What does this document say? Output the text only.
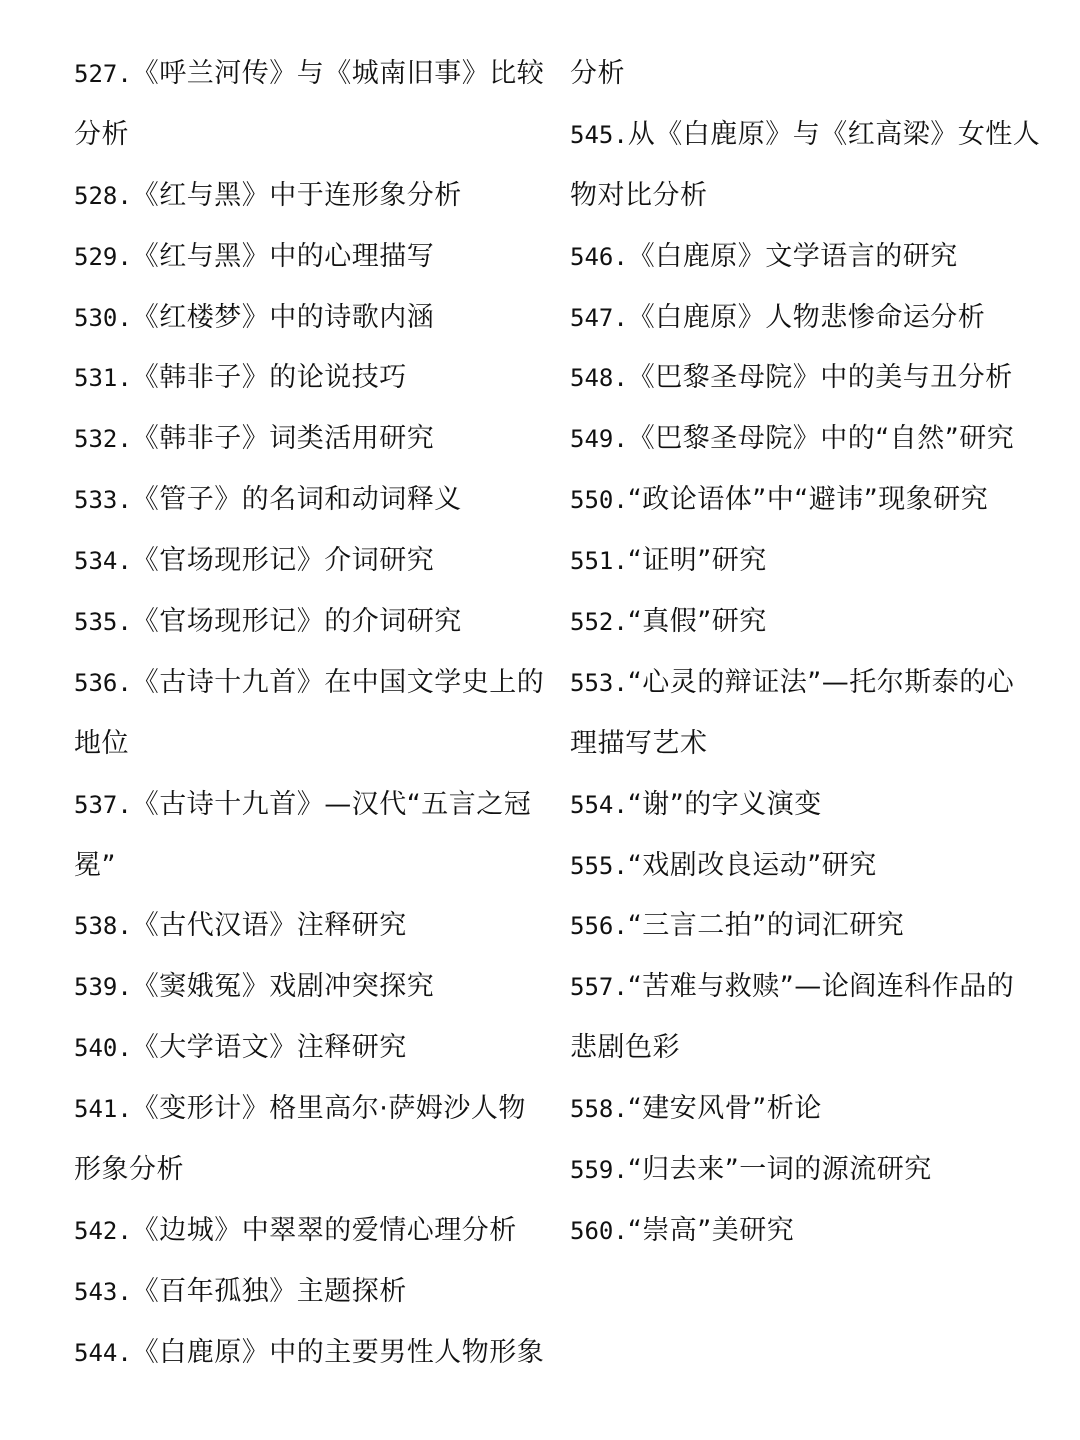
527.《呼兰河传》与《城南旧事》比较
分析
528.《红与黑》中于连形象分析
529.《红与黑》中的心理描写
530.《红楼梦》中的诗歌内涵
531.《韩非子》的论说技巧
532.《韩非子》词类活用研究
533.《管子》的名词和动词释义
534.《官场现形记》介词研究
535.《官场现形记》的介词研究
536.《古诗十九首》在中国文学史上的
地位
537.《古诗十九首》—汉代“五言之冠
冕”
538.《古代汉语》注释研究
539.《窦娥冤》戏剧冲突探究
540.《大学语文》注释研究
541.《变形计》格里高尔·萨姆沙人物
形象分析
542.《边城》中翠翠的爱情心理分析
543.《百年孤独》主题探析
544.《白鹿原》中的主要男性人物形象
分析
545.从《白鹿原》与《红高梁》女性人
物对比分析
546.《白鹿原》文学语言的研究
547.《白鹿原》人物悲惨命运分析
548.《巴黎圣母院》中的美与丑分析
549.《巴黎圣母院》中的“自然”研究
550.“政论语体”中“避讳”现象研究
551.“证明”研究
552.“真假”研究
553.“心灵的辩证法”—托尔斯泰的心
理描写艺术
554.“谢”的字义演变
555.“戏剧改良运动”研究
556.“三言二拍”的词汇研究
557.“苦难与救赎”—论阎连科作品的
悲剧色彩
558.“建安风骨”析论
559.“归去来”一词的源流研究
560.“崇高”美研究
